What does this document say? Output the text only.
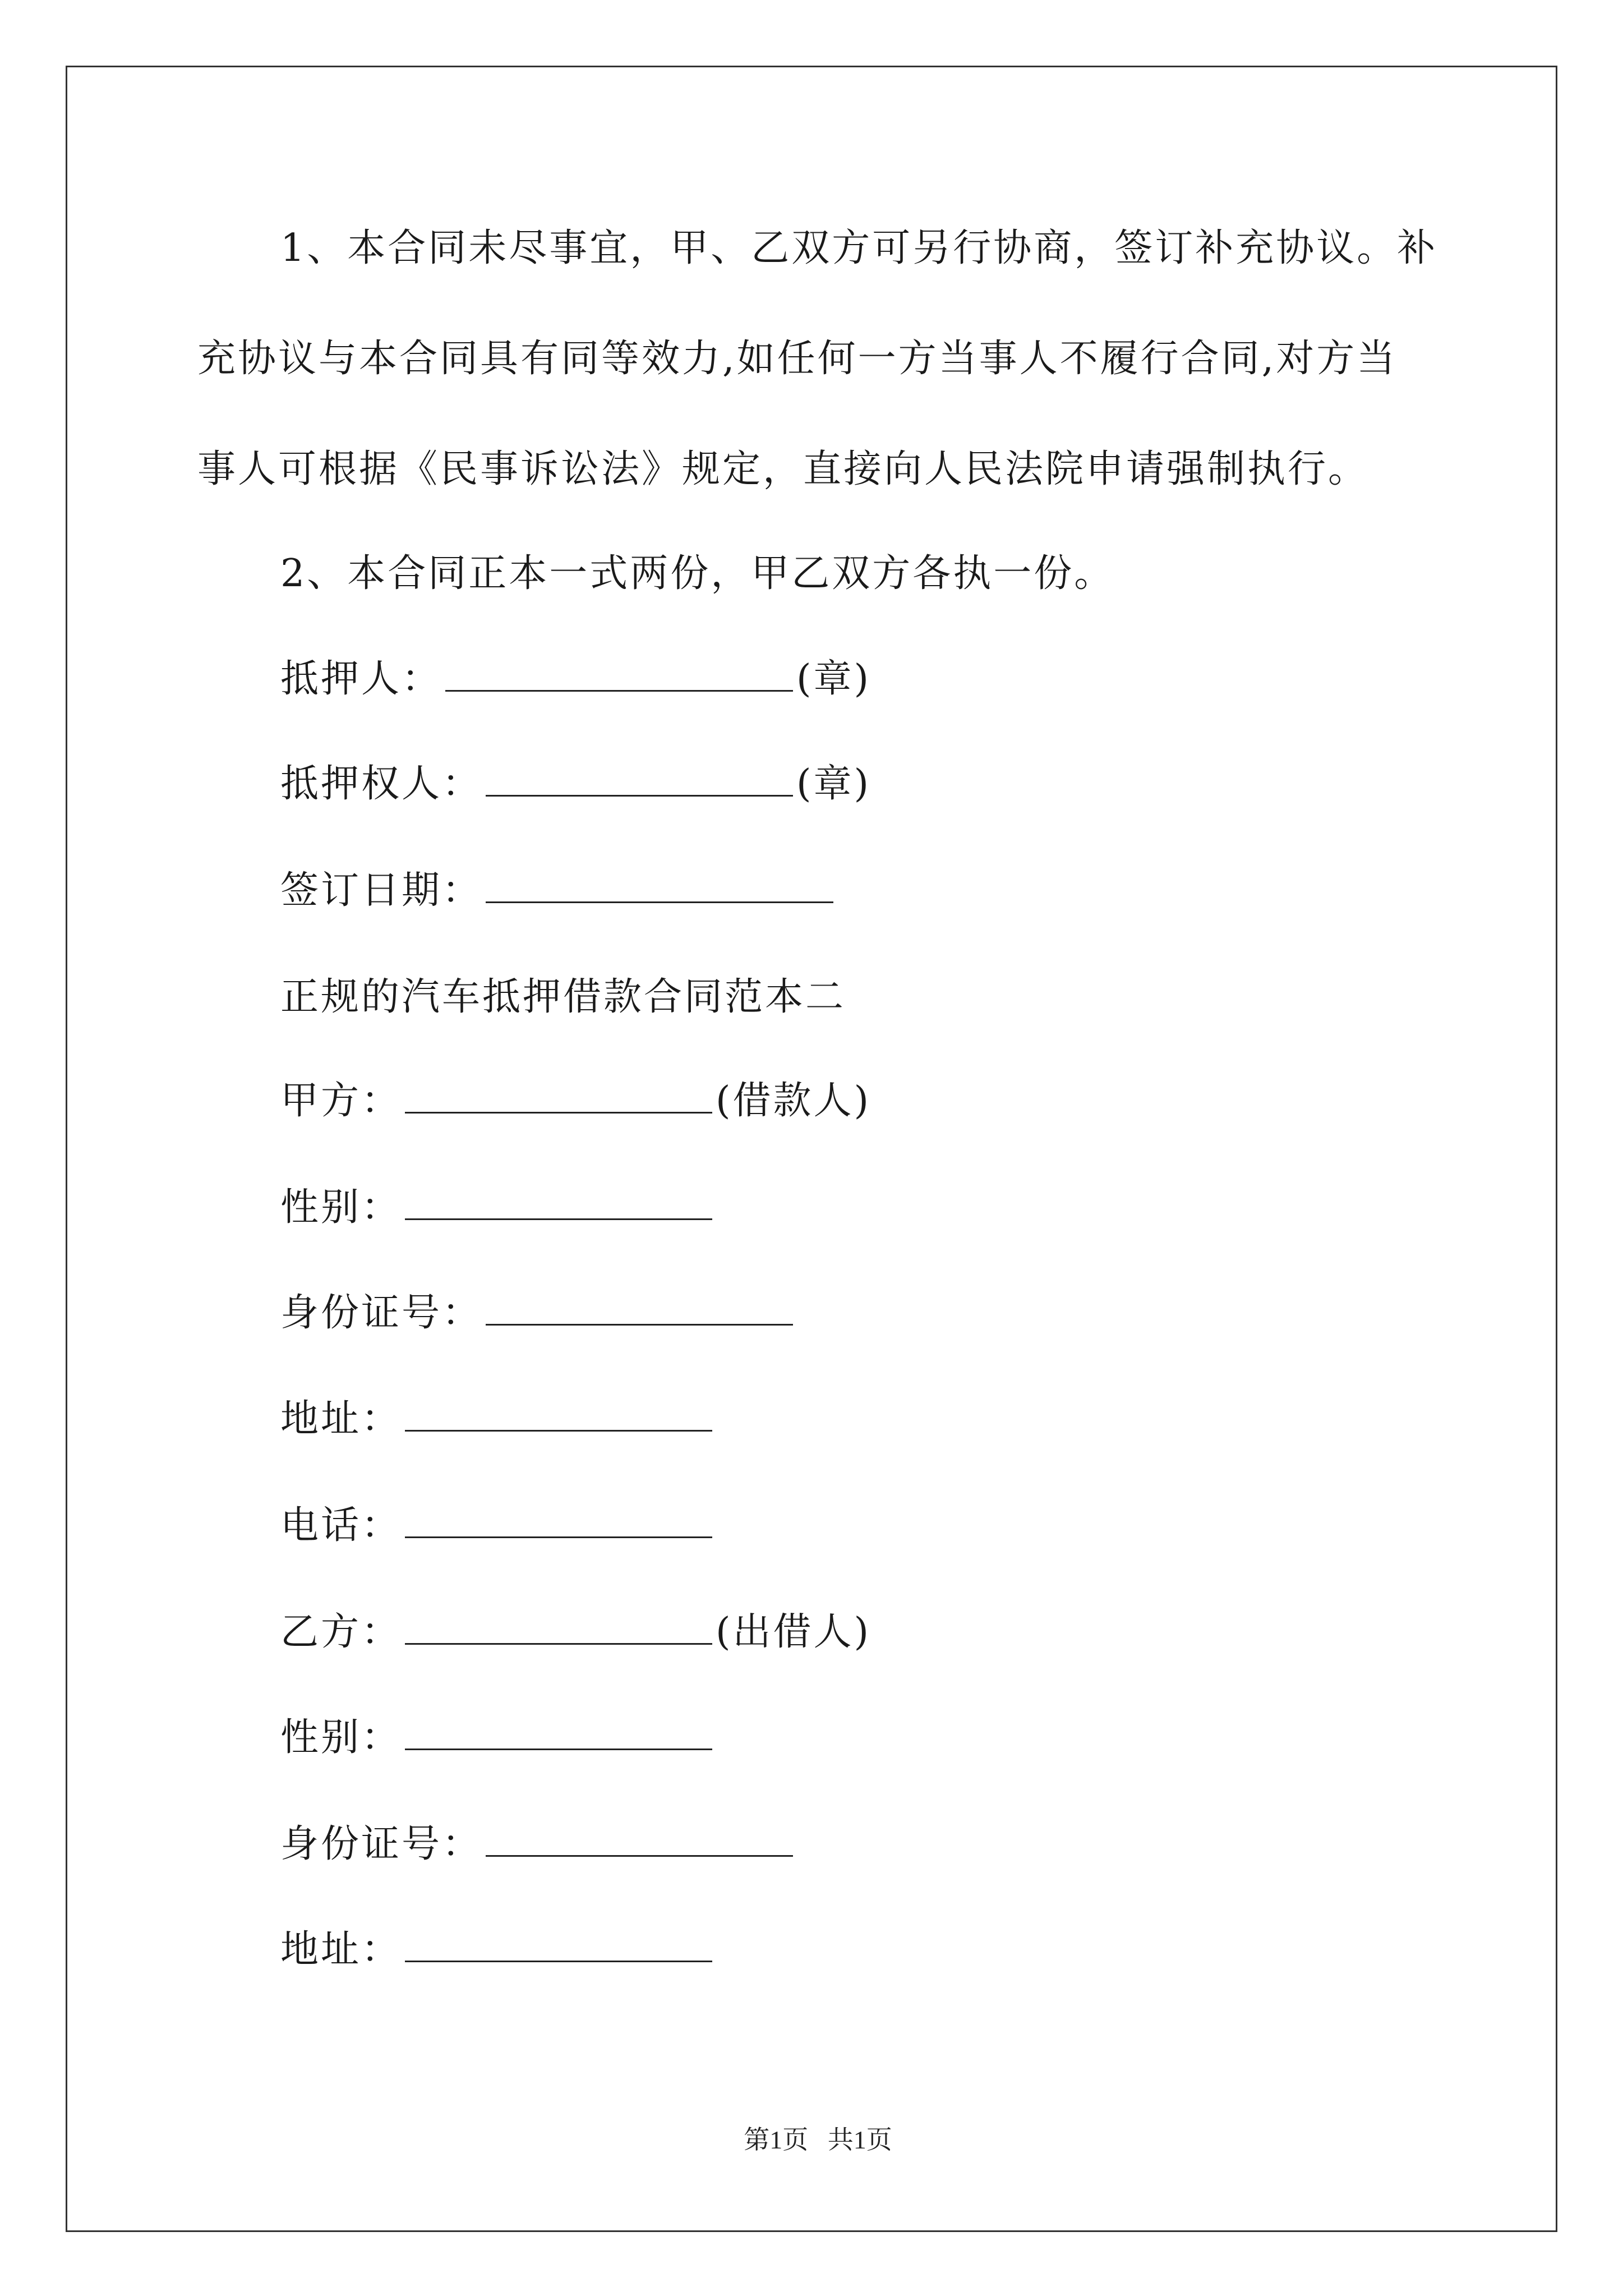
1、本合同未尽事宜，甲、乙双方可另行协商，签订补充协议。补
充协议与本合同具有同等效力,如任何一方当事人不履行合同,对方当
事人可根据《民事诉讼法》规定，直接向人民法院申请强制执行。
2、本合同正本一式两份，甲乙双方各执一份。
抵押人：	(章)
抵押权人：	(章)
签订日期：
正规的汽车抵押借款合同范本二
甲方：	(借款人)
性别：
身份证号：
地址：
电话：
乙方：	(出借人)
性别：
身份证号：
地址：

第1页   共1页
